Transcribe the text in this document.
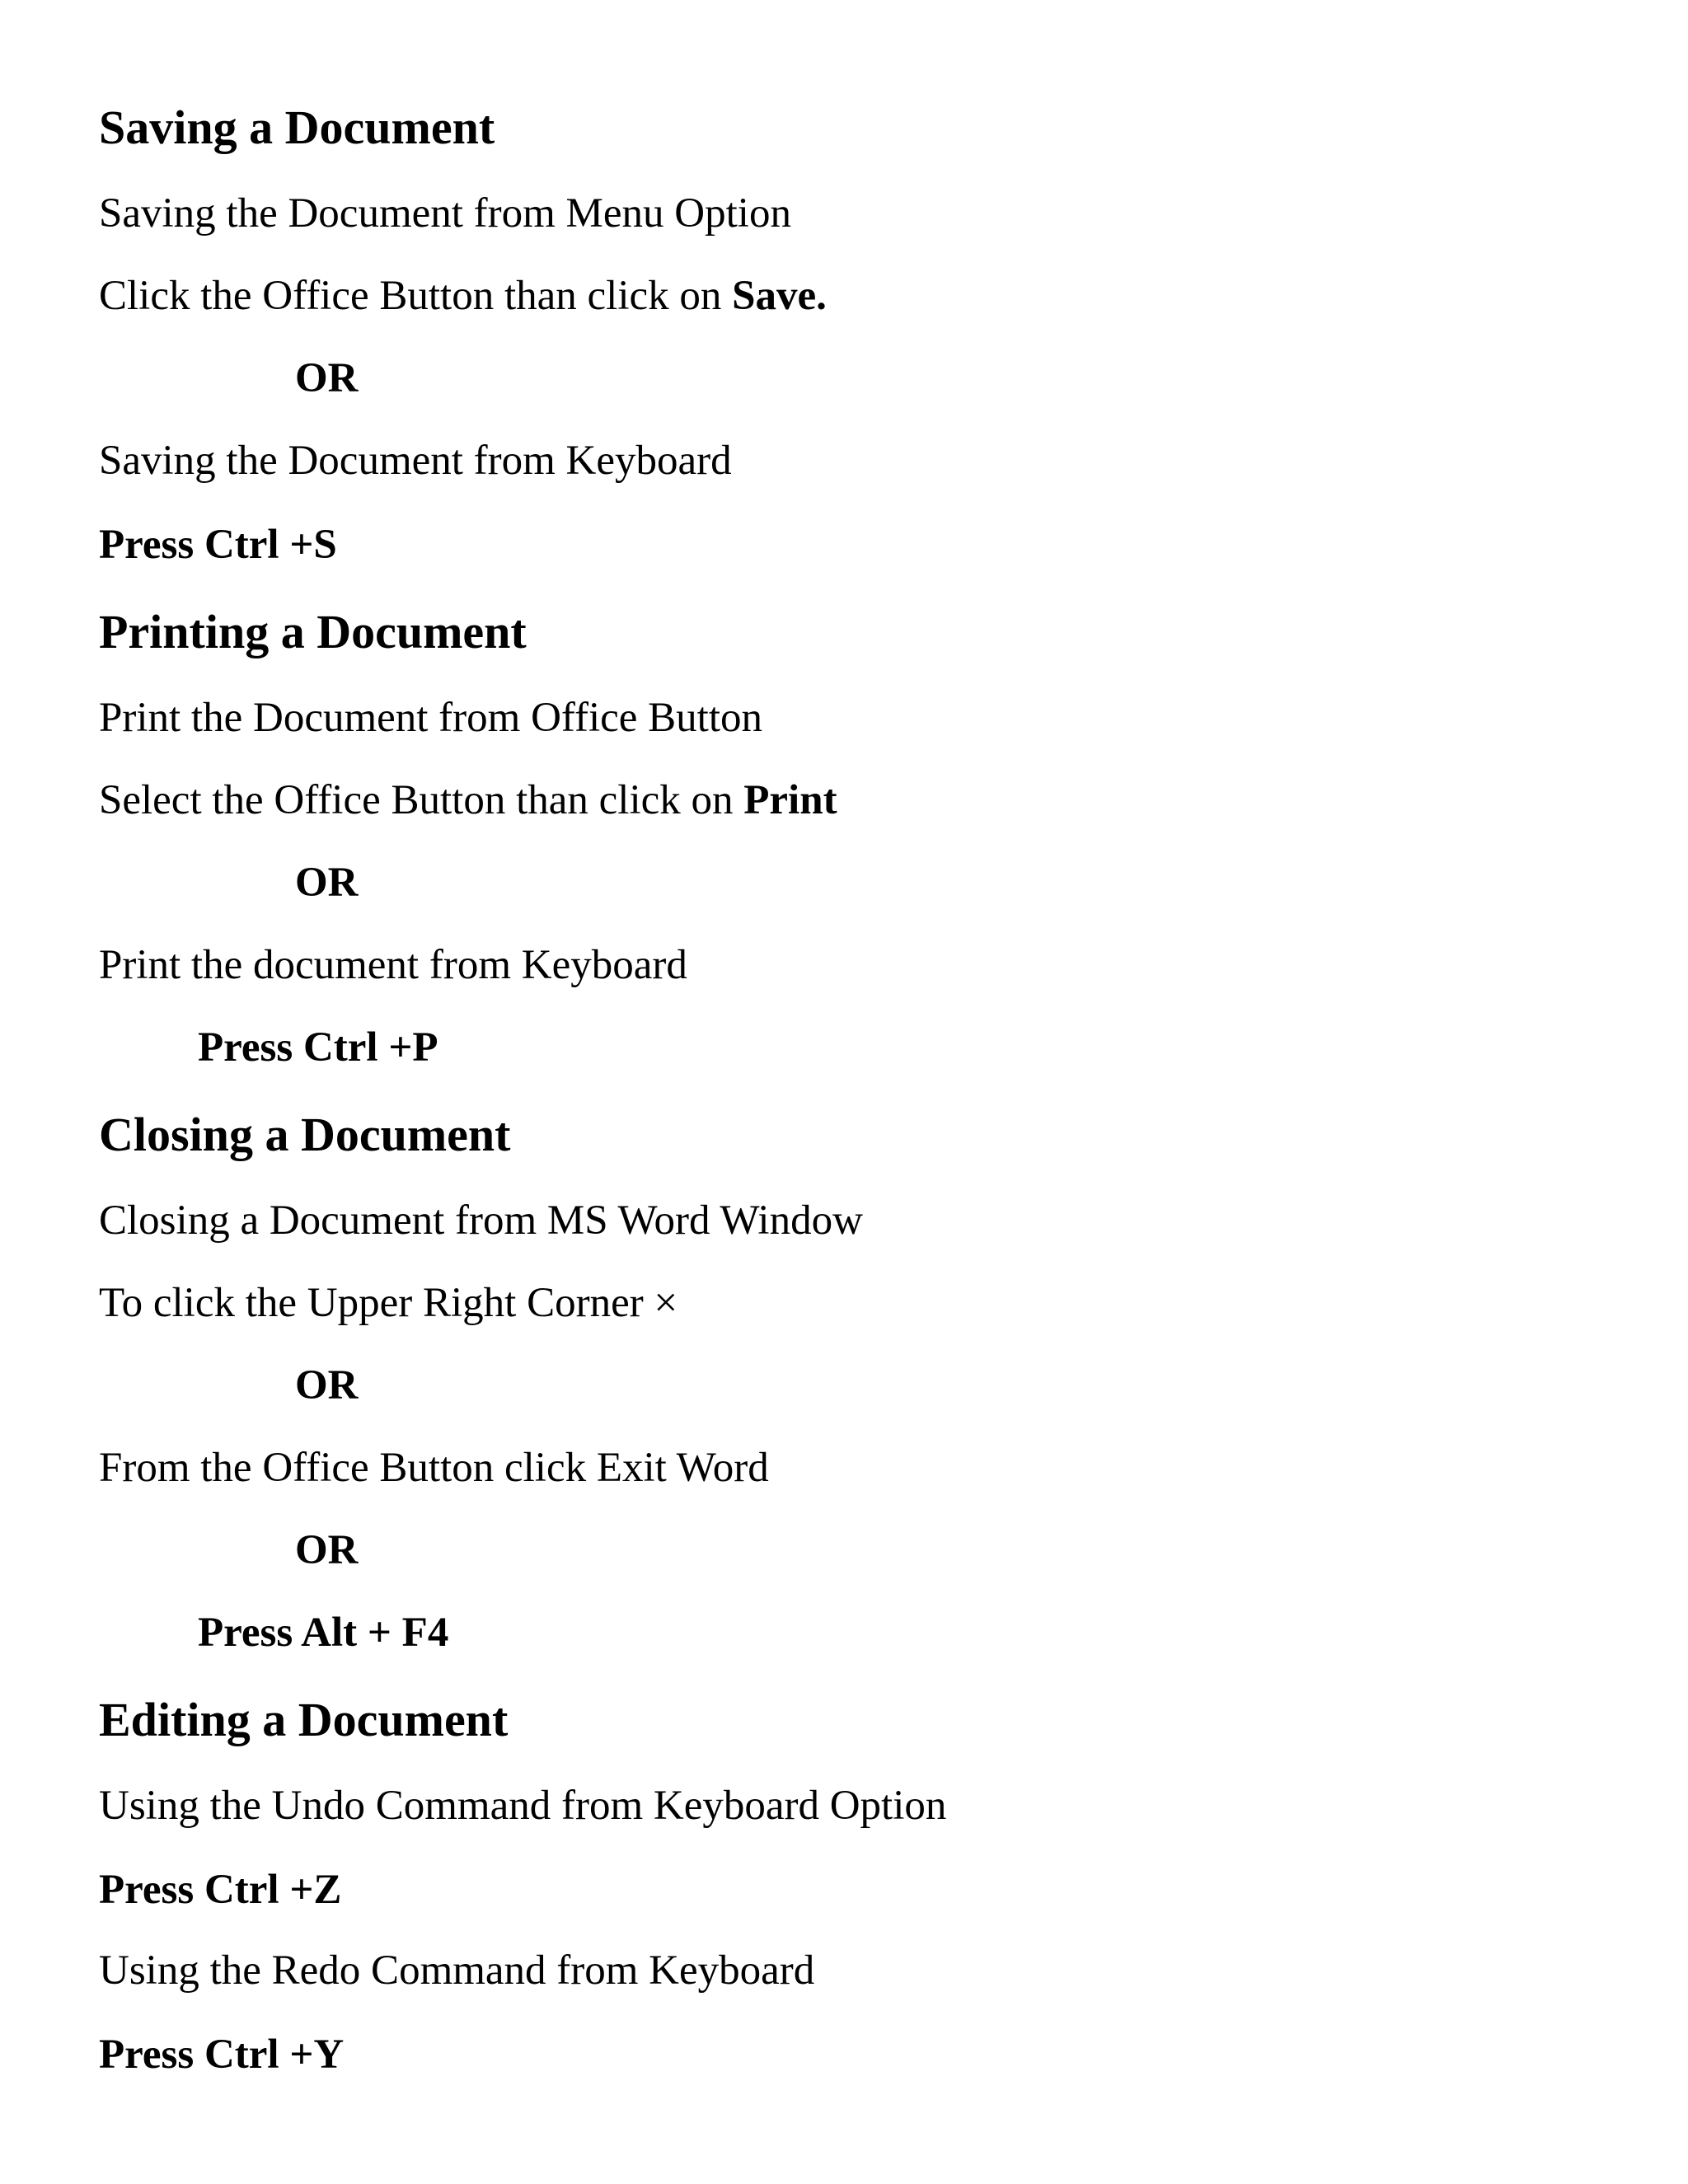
Saving a Document
Saving the Document from Menu Option
Click the Office Button than click on Save.
OR
Saving the Document from Keyboard
Press Ctrl +S
Printing a Document
Print the Document from Office Button
Select the Office Button than click on Print
OR
Print the document from Keyboard
Press Ctrl +P
Closing a Document
Closing a Document from MS Word Window
To click the Upper Right Corner ×
OR
From the Office Button click Exit Word
OR
Press Alt + F4
Editing a Document
Using the Undo Command from Keyboard Option
Press Ctrl +Z
Using the Redo Command from Keyboard
Press Ctrl +Y
